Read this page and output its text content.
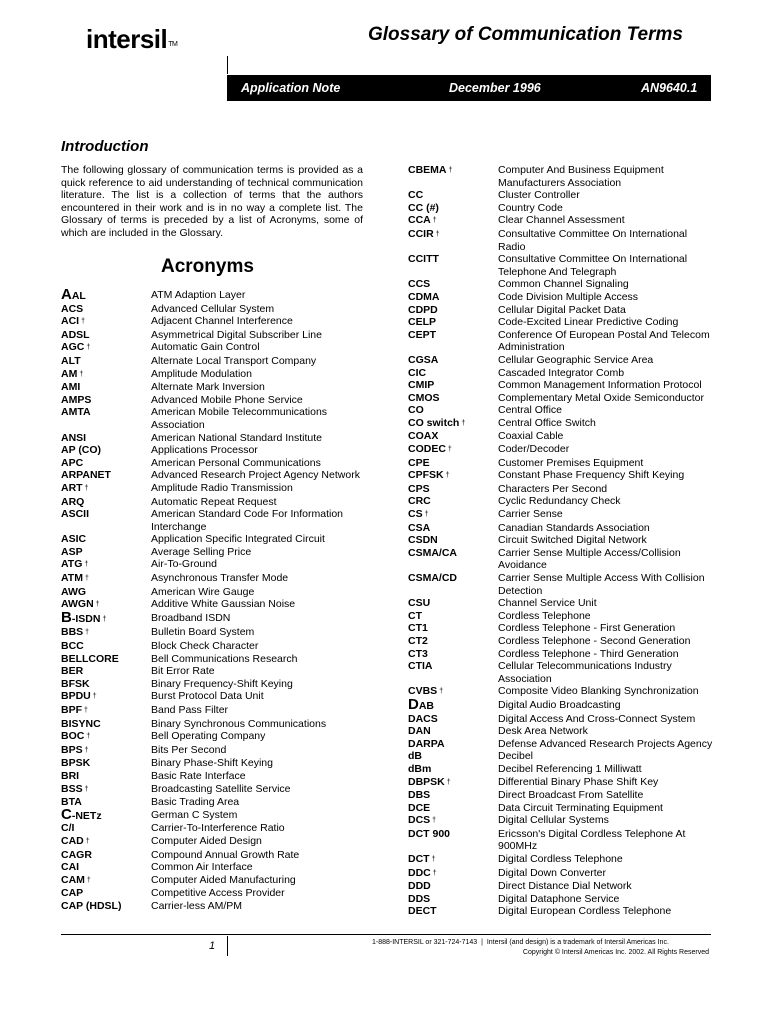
intersilTM	Glossary of Communication Terms
Application Note	December 1996	AN9640.1
Introduction
The following glossary of communication terms is provided as a quick reference to aid understanding of technical communication literature. The list is a collection of terms that the authors encountered in their work and is in no way a complete list. The Glossary of terms is preceded by a list of Acronyms, some of which are included in the Glossary.
Acronyms
AAL	ATM Adaption Layer
ACS	Advanced Cellular System
ACI †	Adjacent Channel Interference
ADSL	Asymmetrical Digital Subscriber Line
AGC †	Automatic Gain Control
ALT	Alternate Local Transport Company
AM †	Amplitude Modulation
AMI	Alternate Mark Inversion
AMPS	Advanced Mobile Phone Service
AMTA	American Mobile Telecommunications Association
ANSI	American National Standard Institute
AP (CO)	Applications Processor
APC	American Personal Communications
ARPANET	Advanced Research Project Agency Network
ART †	Amplitude Radio Transmission
ARQ	Automatic Repeat Request
ASCII	American Standard Code For Information Interchange
ASIC	Application Specific Integrated Circuit
ASP	Average Selling Price
ATG †	Air-To-Ground
ATM †	Asynchronous Transfer Mode
AWG	American Wire Gauge
AWGN †	Additive White Gaussian Noise
B-ISDN †	Broadband ISDN
BBS †	Bulletin Board System
BCC	Block Check Character
BELLCORE	Bell Communications Research
BER	Bit Error Rate
BFSK	Binary Frequency-Shift Keying
BPDU †	Burst Protocol Data Unit
BPF †	Band Pass Filter
BISYNC	Binary Synchronous Communications
BOC †	Bell Operating Company
BPS †	Bits Per Second
BPSK	Binary Phase-Shift Keying
BRI	Basic Rate Interface
BSS †	Broadcasting Satellite Service
BTA	Basic Trading Area
C-NETz	German C System
C/I	Carrier-To-Interference Ratio
CAD †	Computer Aided Design
CAGR	Compound Annual Growth Rate
CAI	Common Air Interface
CAM †	Computer Aided Manufacturing
CAP	Competitive Access Provider
CAP (HDSL)	Carrier-less AM/PM
CBEMA †	Computer And Business Equipment Manufacturers Association
CC	Cluster Controller
CC (#)	Country Code
CCA †	Clear Channel Assessment
CCIR †	Consultative Committee On International Radio
CCITT	Consultative Committee On International Telephone And Telegraph
CCS	Common Channel Signaling
CDMA	Code Division Multiple Access
CDPD	Cellular Digital Packet Data
CELP	Code-Excited Linear Predictive Coding
CEPT	Conference Of European Postal And Telecom Administration
CGSA	Cellular Geographic Service Area
CIC	Cascaded Integrator Comb
CMIP	Common Management Information Protocol
CMOS	Complementary Metal Oxide Semiconductor
CO	Central Office
CO switch †	Central Office Switch
COAX	Coaxial Cable
CODEC †	Coder/Decoder
CPE	Customer Premises Equipment
CPFSK †	Constant Phase Frequency Shift Keying
CPS	Characters Per Second
CRC	Cyclic Redundancy Check
CS †	Carrier Sense
CSA	Canadian Standards Association
CSDN	Circuit Switched Digital Network
CSMA/CA	Carrier Sense Multiple Access/Collision Avoidance
CSMA/CD	Carrier Sense Multiple Access With Collision Detection
CSU	Channel Service Unit
CT	Cordless Telephone
CT1	Cordless Telephone - First Generation
CT2	Cordless Telephone - Second Generation
CT3	Cordless Telephone - Third Generation
CTIA	Cellular Telecommunications Industry Association
CVBS †	Composite Video Blanking Synchronization
DAB	Digital Audio Broadcasting
DACS	Digital Access And Cross-Connect System
DAN	Desk Area Network
DARPA	Defense Advanced Research Projects Agency
dB	Decibel
dBm	Decibel Referencing 1 Milliwatt
DBPSK †	Differential Binary Phase Shift Key
DBS	Direct Broadcast From Satellite
DCE	Data Circuit Terminating Equipment
DCS †	Digital Cellular Systems
DCT 900	Ericsson's Digital Cordless Telephone At 900MHz
DCT †	Digital Cordless Telephone
DDC †	Digital Down Converter
DDD	Direct Distance Dial Network
DDS	Digital Dataphone Service
DECT	Digital European Cordless Telephone
1	1-888-INTERSIL or 321-724-7143  |  Intersil (and design) is a trademark of Intersil Americas Inc.
Copyright © Intersil Americas Inc. 2002. All Rights Reserved
